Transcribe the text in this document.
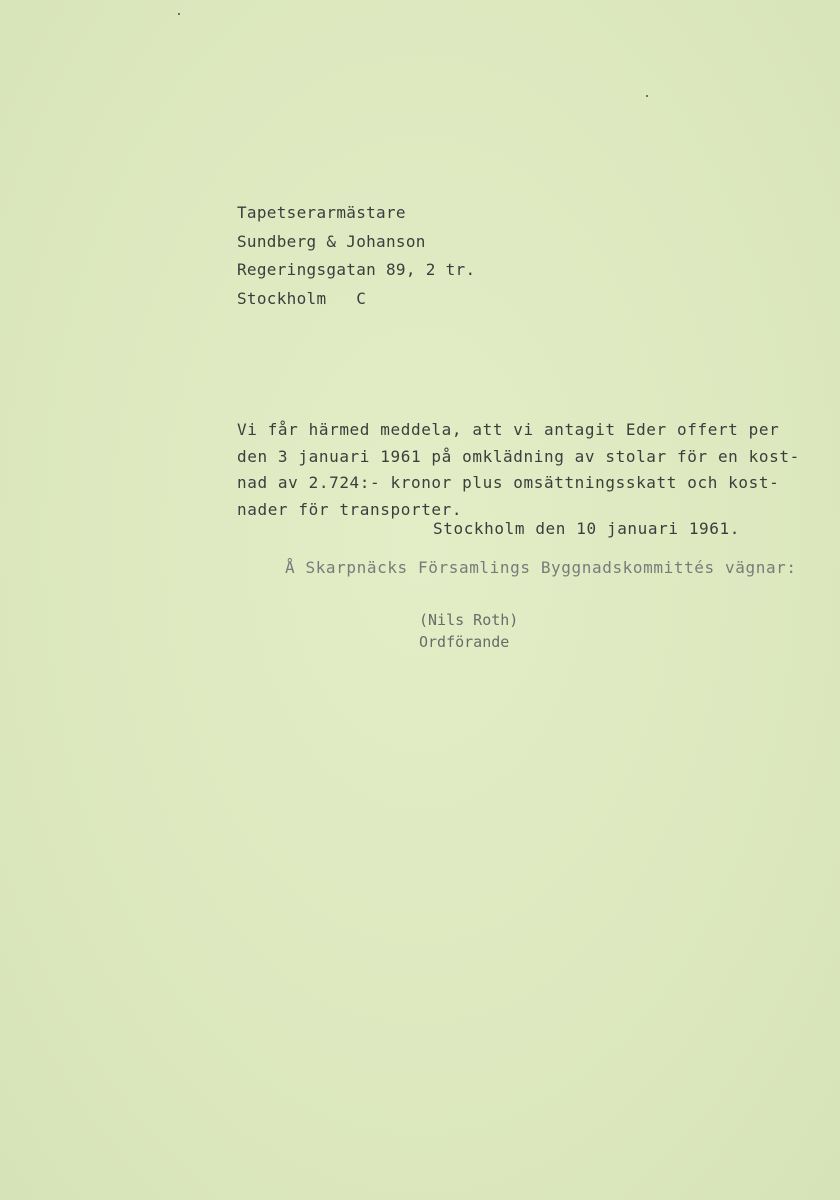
Tapetserarmästare
Sundberg & Johanson
Regeringsgatan 89, 2 tr.
Stockholm   C
Vi får härmed meddela, att vi antagit Eder offert per
den 3 januari 1961 på omklädning av stolar för en kost-
nad av 2.724:- kronor plus omsättningsskatt och kost-
nader för transporter.
Stockholm den 10 januari 1961.
Å Skarpnäcks Församlings Byggnadskommittés vägnar:
(Nils Roth)
Ordförande
